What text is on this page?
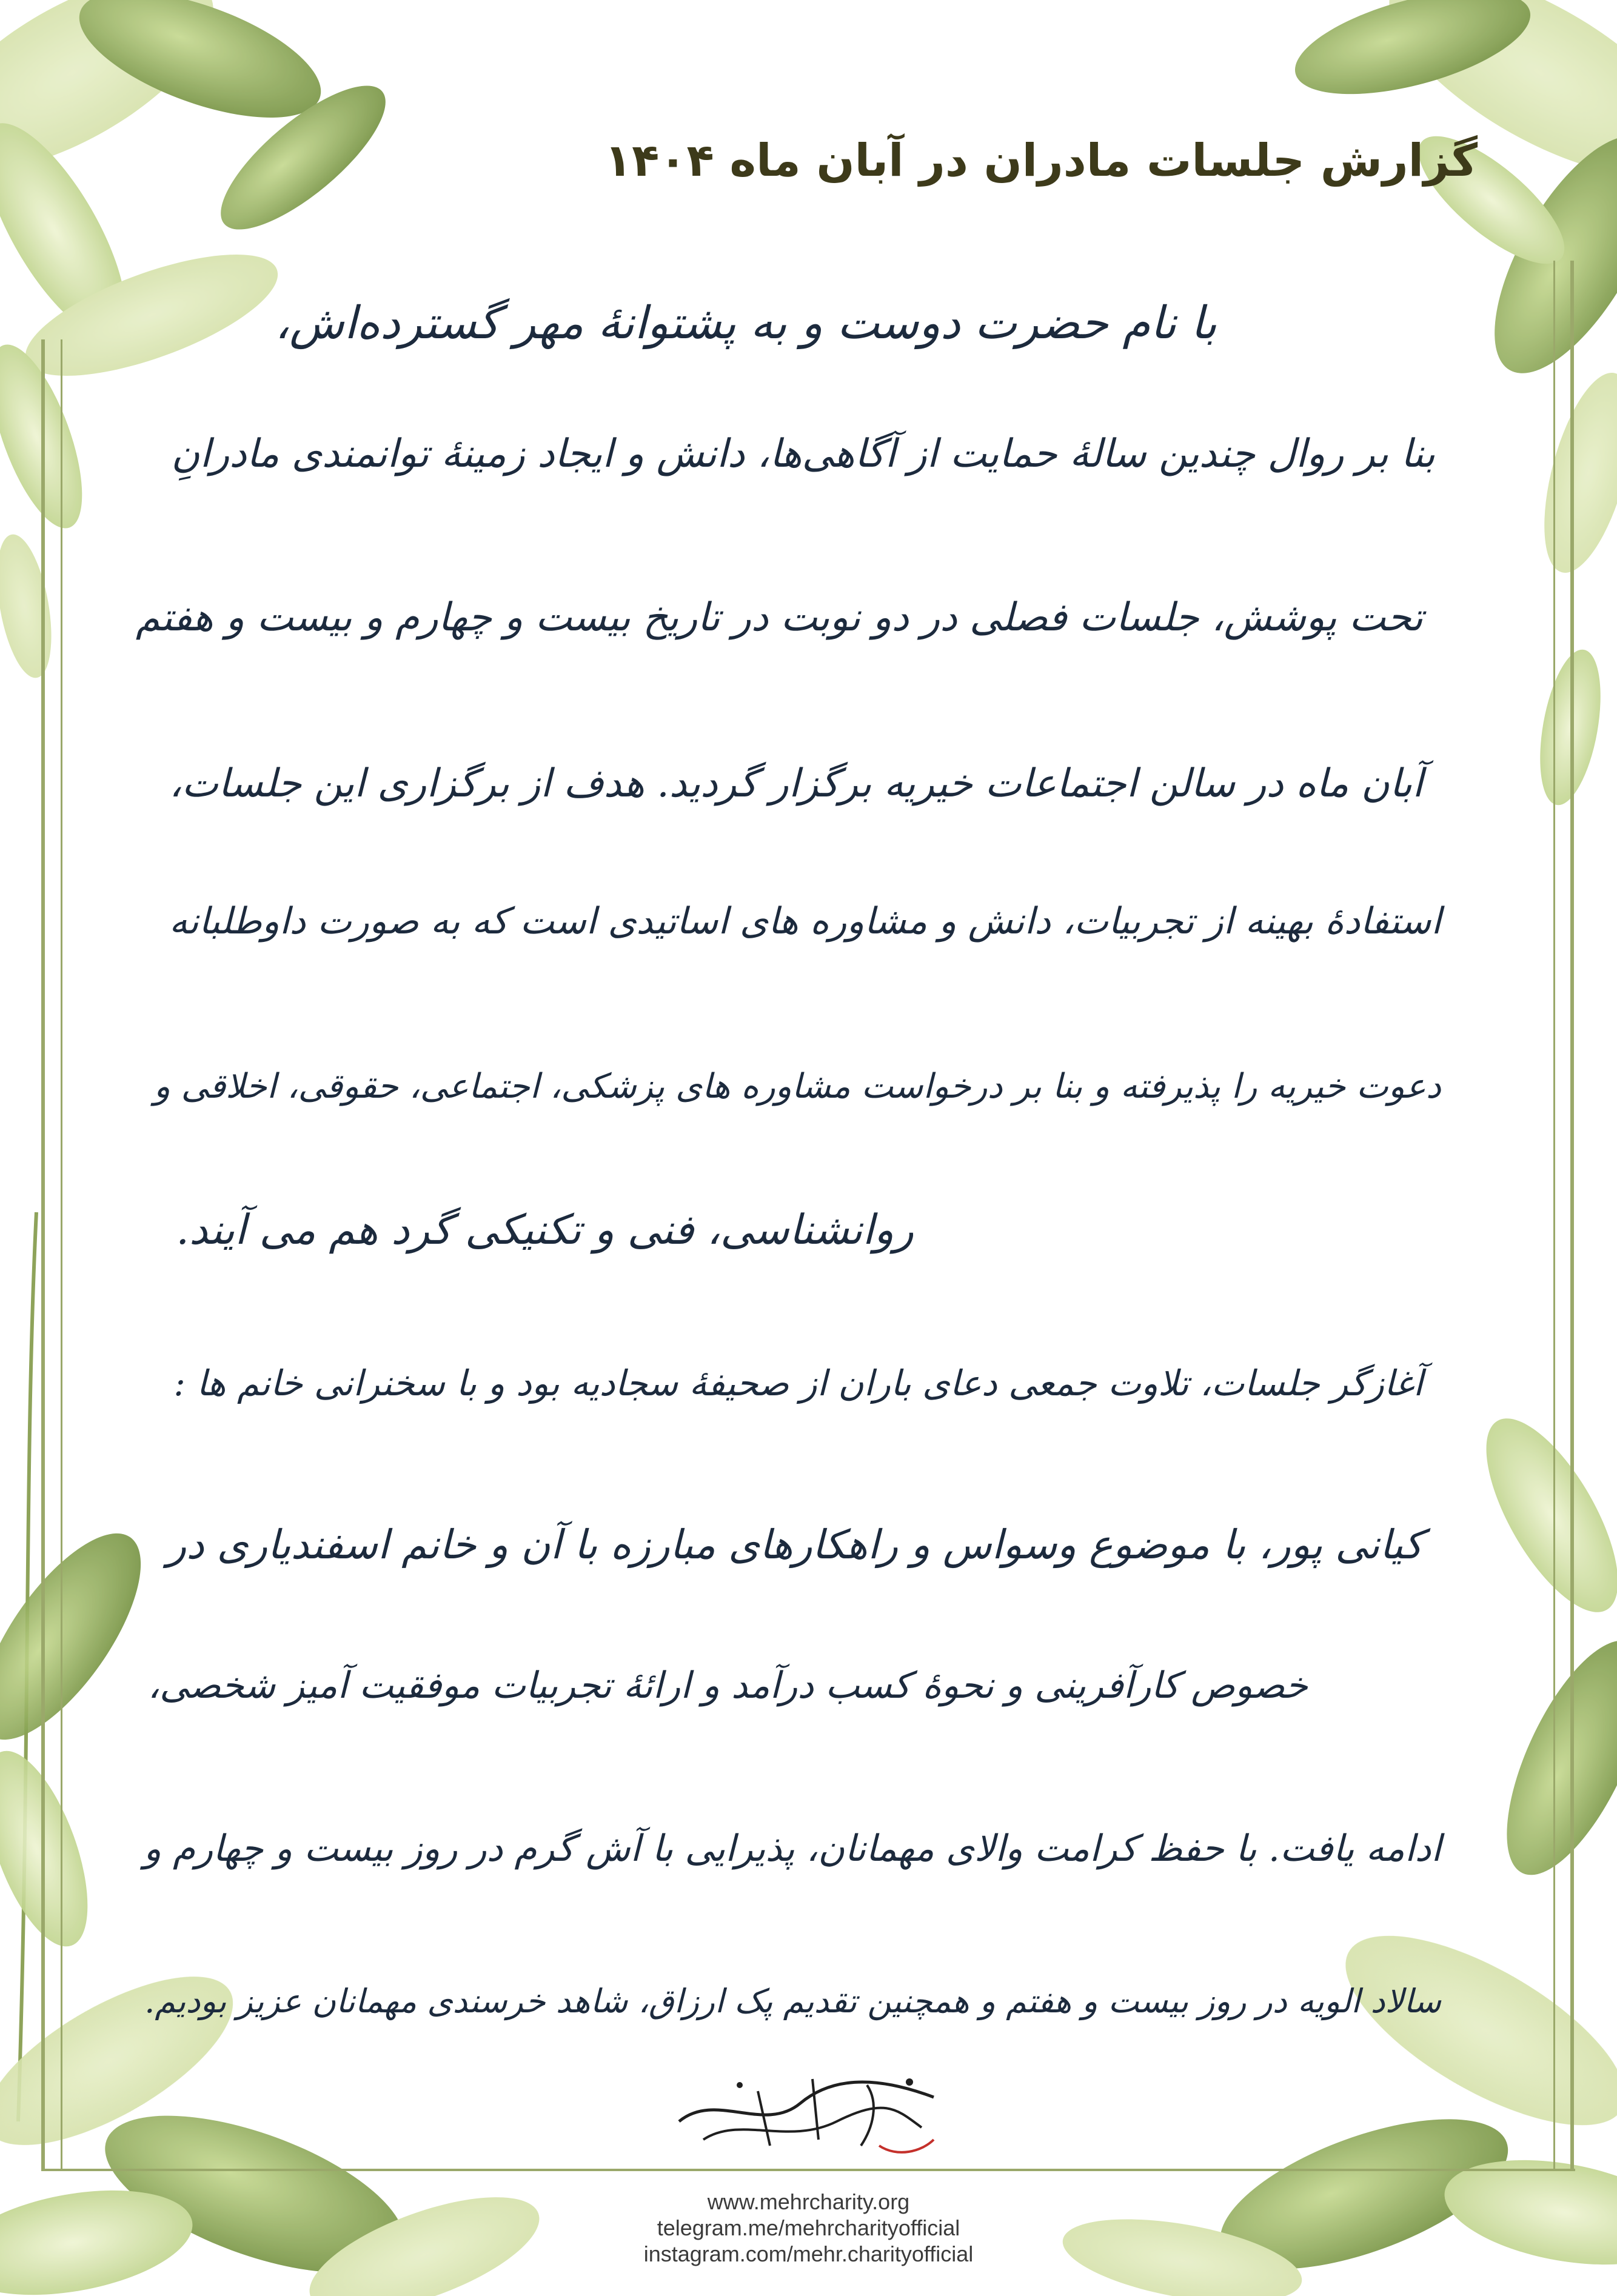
گزارش جلسات مادران در آبان ماه ۱۴۰۴
با نام حضرت دوست و به پشتوانهٔ مهر گسترده‌اش،
بنا بر روال چندین سالهٔ حمایت از آگاهی‌ها، دانش و ایجاد زمینهٔ توانمندی مادرانِ
تحت پوشش، جلسات فصلی در دو نوبت در تاریخ بیست و چهارم و بیست و هفتم
آبان ماه در سالن اجتماعات خیریه برگزار گردید. هدف از برگزاری این جلسات،
استفادهٔ بهینه از تجربیات، دانش و مشاوره های اساتیدی است که به صورت داوطلبانه
دعوت خیریه را پذیرفته و بنا بر درخواست مشاوره های پزشکی، اجتماعی، حقوقی، اخلاقی و
روانشناسی، فنی و تکنیکی گرد هم می آیند.
آغازگر جلسات، تلاوت جمعی دعای باران از صحیفهٔ سجادیه بود و با سخنرانی خانم ها :
کیانی پور، با موضوع وسواس و راهکارهای مبارزه با آن و خانم اسفندیاری در
خصوص کارآفرینی و نحوهٔ کسب درآمد و ارائهٔ تجربیات موفقیت آمیز شخصی،
ادامه یافت. با حفظ کرامت والای مهمانان، پذیرایی با آش گرم در روز بیست و چهارم و
سالاد الویه در روز بیست و هفتم و همچنین تقدیم پک ارزاق، شاهد خرسندی مهمانان عزیز بودیم.
www.mehrcharity.org
telegram.me/mehrcharityofficial
instagram.com/mehr.charityofficial
